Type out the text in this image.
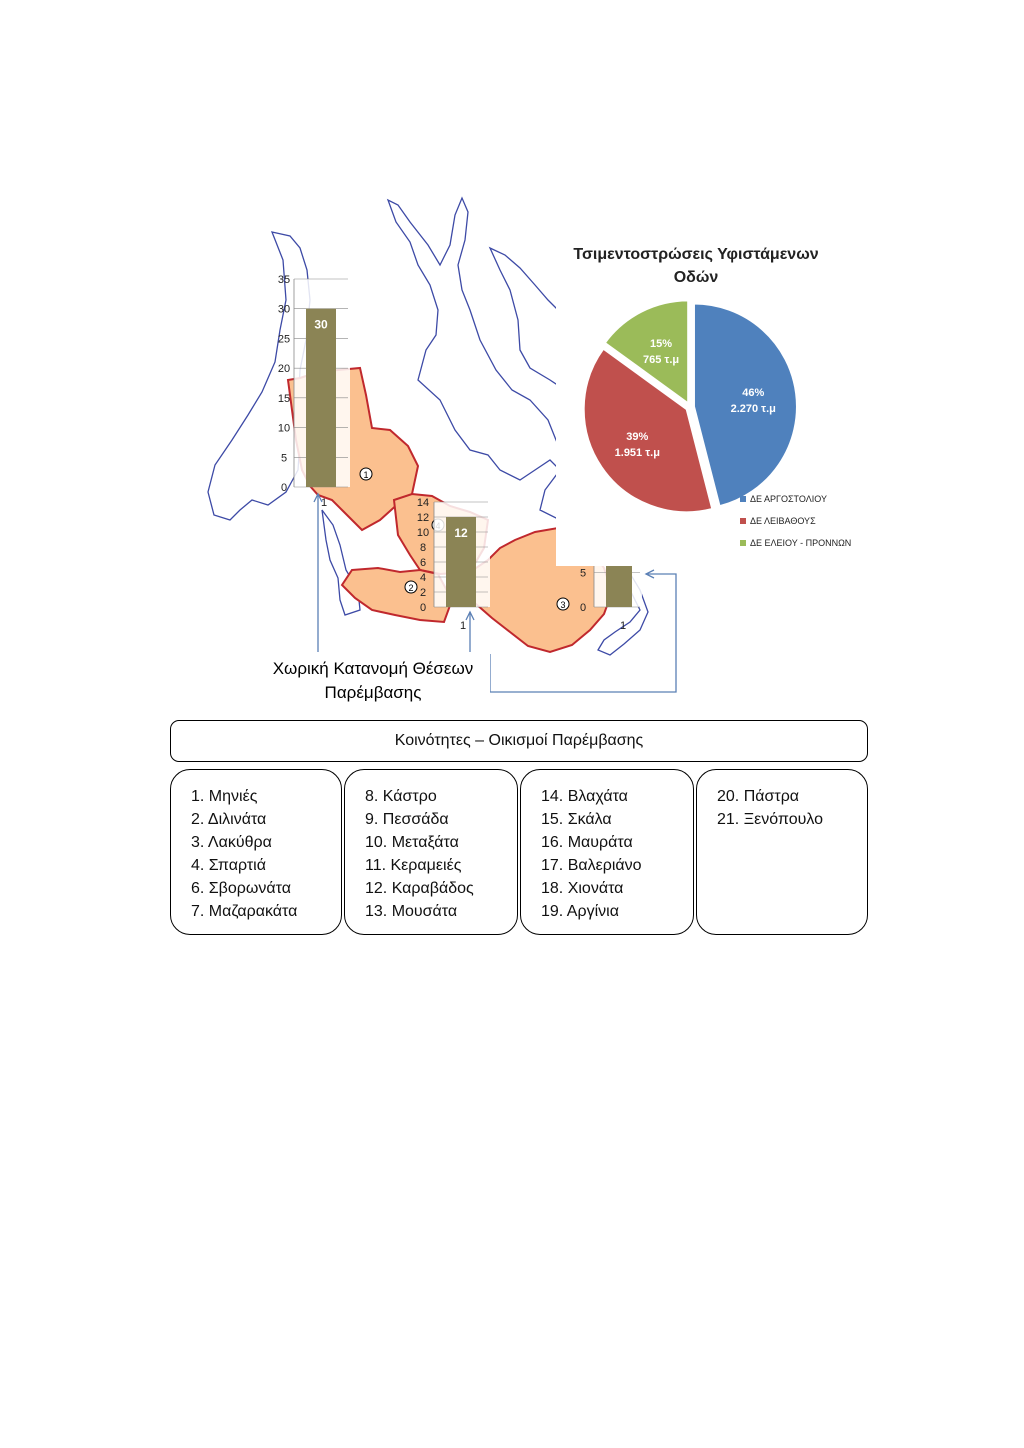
1
2
3
0
5
10
15
20
25
30
35
30
1
0
2
4
6
8
10
12
14
12
1
0
5
1
Χωρική Κατανομή Θέσεων
Παρέμβασης
Τσιμεντοστρώσεις Υφιστάμενων
Οδών
46%
2.270 τ.μ
39%
1.951 τ.μ
15%
765 τ.μ
ΔΕ ΑΡΓΟΣΤΟΛΙΟΥ
ΔΕ ΛΕΙΒΑΘΟΥΣ
ΔΕ ΕΛΕΙΟΥ - ΠΡΟΝΝΩΝ
Κοινότητες – Οικισμοί Παρέμβασης
1. Μηνιές
2. Διλινάτα
3. Λακύθρα
4. Σπαρτιά
6. Σβορωνάτα
7. Μαζαρακάτα
8. Κάστρο
9. Πεσσάδα
10. Μεταξάτα
11. Κεραμειές
12. Καραβάδος
13. Μουσάτα
14. Βλαχάτα
15. Σκάλα
16. Μαυράτα
17. Βαλεριάνο
18. Χιονάτα
19. Αργίνια
20. Πάστρα
21. Ξενόπουλο
